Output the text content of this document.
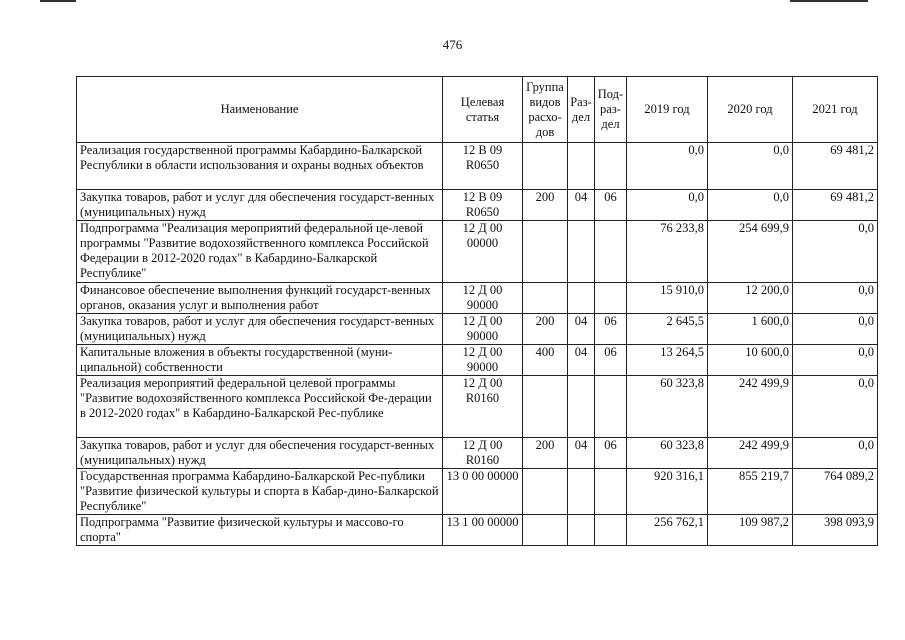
476
Наименование	Целевая статья	Группа видов расхо-дов	Раз-дел	Под-раз-дел	2019 год	2020 год	2021 год
Реализация государственной программы Кабардино-Балкарской Республики в области использования и охраны водных объектов	12 В 09 R0650				0,0	0,0	69 481,2
Закупка товаров, работ и услуг для обеспечения государст-венных (муниципальных) нужд	12 В 09 R0650	200	04	06	0,0	0,0	69 481,2
Подпрограмма "Реализация мероприятий федеральной це-левой программы "Развитие водохозяйственного комплекса Российской Федерации в 2012-2020 годах" в Кабардино-Балкарской Республике"	12 Д 00 00000				76 233,8	254 699,9	0,0
Финансовое обеспечение выполнения функций государст-венных органов, оказания услуг и выполнения работ	12 Д 00 90000				15 910,0	12 200,0	0,0
Закупка товаров, работ и услуг для обеспечения государст-венных (муниципальных) нужд	12 Д 00 90000	200	04	06	2 645,5	1 600,0	0,0
Капитальные вложения в объекты государственной (муни-ципальной) собственности	12 Д 00 90000	400	04	06	13 264,5	10 600,0	0,0
Реализация мероприятий федеральной целевой программы "Развитие водохозяйственного комплекса Российской Фе-дерации в 2012-2020 годах" в Кабардино-Балкарской Рес-публике	12 Д 00 R0160				60 323,8	242 499,9	0,0
Закупка товаров, работ и услуг для обеспечения государст-венных (муниципальных) нужд	12 Д 00 R0160	200	04	06	60 323,8	242 499,9	0,0
Государственная программа Кабардино-Балкарской Рес-публики "Развитие физической культуры и спорта в Кабар-дино-Балкарской Республике"	13 0 00 00000				920 316,1	855 219,7	764 089,2
Подпрограмма "Развитие физической культуры и массово-го спорта"	13 1 00 00000				256 762,1	109 987,2	398 093,9
